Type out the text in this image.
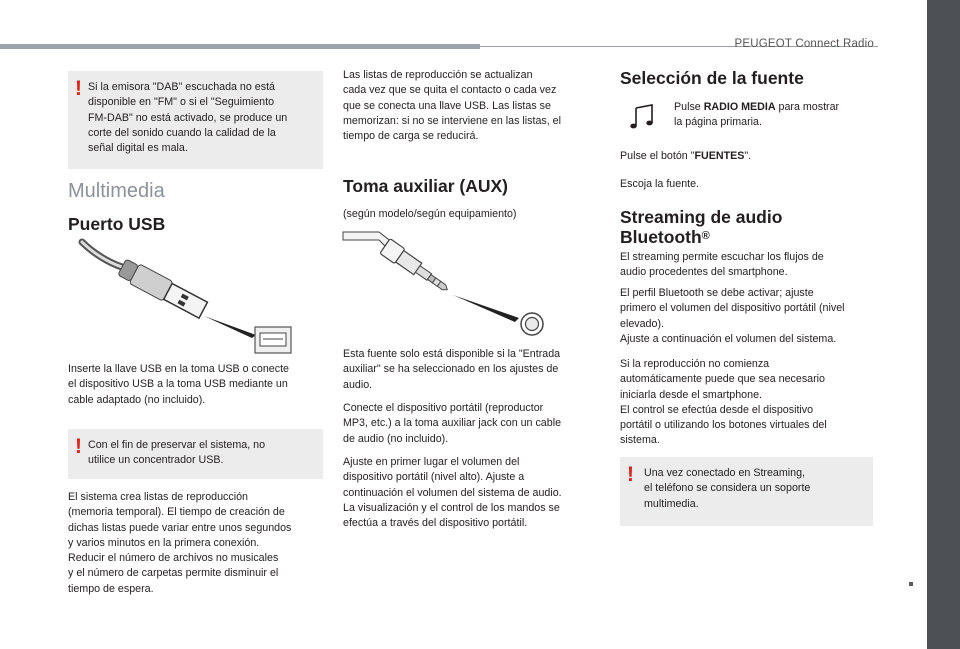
PEUGEOT Connect Radio
9
! Si la emisora "DAB" escuchada no está
disponible en "FM" o si el "Seguimiento
FM-DAB" no está activado, se produce un
corte del sonido cuando la calidad de la
señal digital es mala.
Multimedia
Puerto USB
Inserte la llave USB en la toma USB o conecte
el dispositivo USB a la toma USB mediante un
cable adaptado (no incluido).
! Con el fin de preservar el sistema, no
utilice un concentrador USB.
El sistema crea listas de reproducción
(memoria temporal). El tiempo de creación de
dichas listas puede variar entre unos segundos
y varios minutos en la primera conexión.
Reducir el número de archivos no musicales
y el número de carpetas permite disminuir el
tiempo de espera.
Las listas de reproducción se actualizan
cada vez que se quita el contacto o cada vez
que se conecta una llave USB. Las listas se
memorizan: si no se interviene en las listas, el
tiempo de carga se reducirá.
Toma auxiliar (AUX)
(según modelo/según equipamiento)
Esta fuente solo está disponible si la "Entrada
auxiliar" se ha seleccionado en los ajustes de
audio.
Conecte el dispositivo portátil (reproductor
MP3, etc.) a la toma auxiliar jack con un cable
de audio (no incluido).
Ajuste en primer lugar el volumen del
dispositivo portátil (nivel alto). Ajuste a
continuación el volumen del sistema de audio.
La visualización y el control de los mandos se
efectúa a través del dispositivo portátil.
Selección de la fuente
Pulse RADIO MEDIA para mostrar
la página primaria.
Pulse el botón "FUENTES".
Escoja la fuente.
Streaming de audio
Bluetooth®
El streaming permite escuchar los flujos de
audio procedentes del smartphone.
El perfil Bluetooth se debe activar; ajuste
primero el volumen del dispositivo portátil (nivel
elevado).
Ajuste a continuación el volumen del sistema.
Si la reproducción no comienza
automáticamente puede que sea necesario
iniciarla desde el smartphone.
El control se efectúa desde el dispositivo
portátil o utilizando los botones virtuales del
sistema.
! Una vez conectado en Streaming,
el teléfono se considera un soporte
multimedia.
